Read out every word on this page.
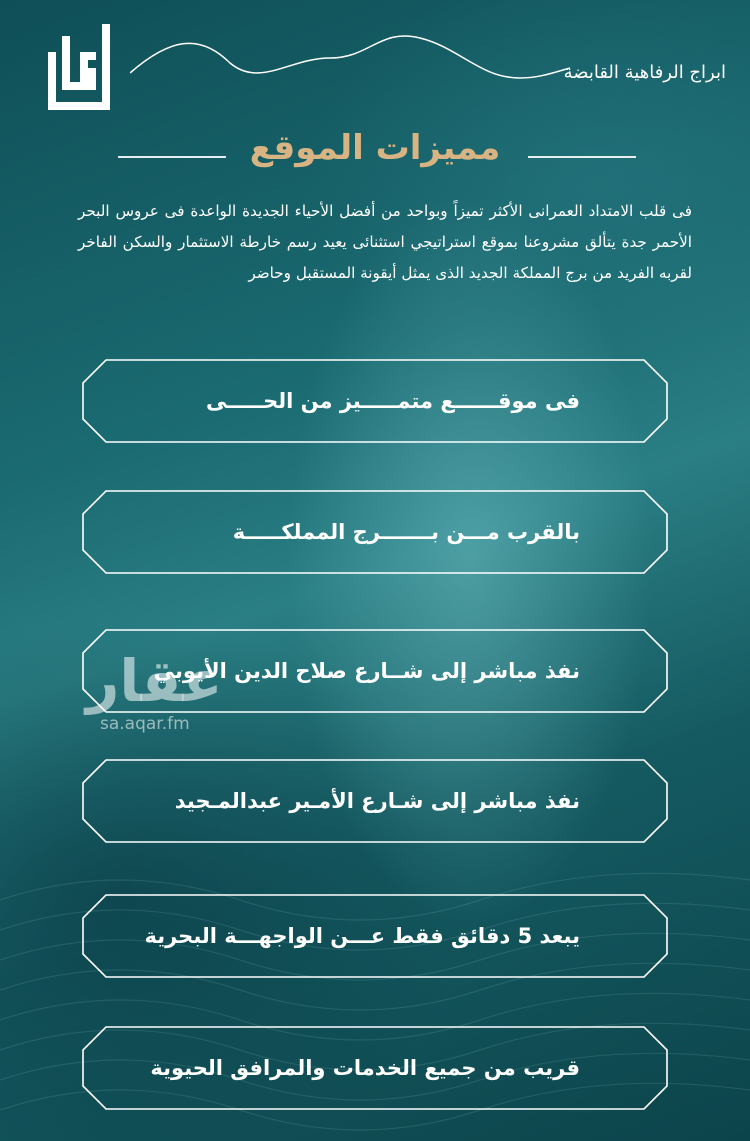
ابراج الرفاهية القابضة
مميزات الموقع
فى قلب الامتداد العمرانى الأكثر تميزاً وبواحد من أفضل الأحياء الجديدة الواعدة فى عروس البحر الأحمر جدة يتألق مشروعنا بموقع استراتيجي استثنائى يعيد رسم خارطة الاستثمار والسكن الفاخر لقربه الفريد من برج المملكة الجديد الذى يمثل أيقونة المستقبل وحاضر
عقار
sa.aqar.fm
فى موقــــــع متمـــــيز من الحـــــى
بالقرب مـــن بـــــــرج المملكـــــة
نفذ مباشر إلى شــارع صلاح الدين الأيوبي
نفذ مباشر إلى شـارع الأمـير عبدالمـجيد
يبعد 5 دقائق فقط عـــن الواجهـــة البحرية
قريب من جميع الخدمات والمرافق الحيوية
